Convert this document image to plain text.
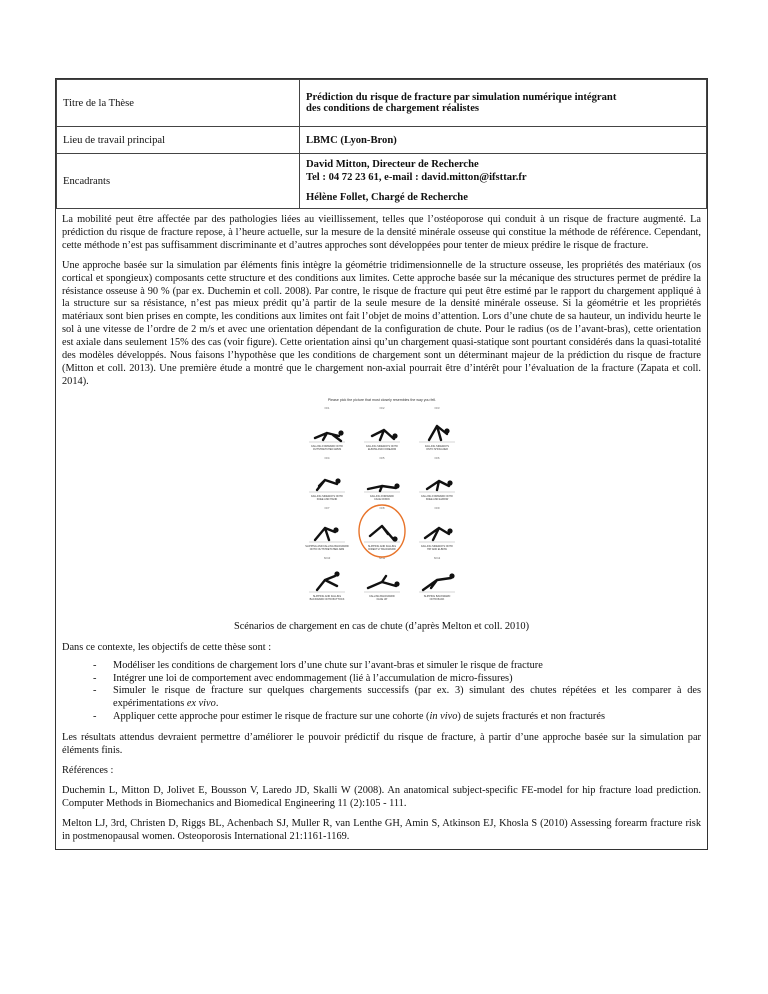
Titre de la Thèse	Prédiction du risque de fracture par simulation numérique intégrant
des conditions de chargement réalistes

Lieu de travail principal	LBMC (Lyon-Bron)
Encadrants	David Mitton, Directeur de Recherche
Tel : 04 72 23 61, e-mail : david.mitton@ifsttar.fr
Hélène Follet, Chargé de Recherche

La mobilité peut être affectée par des pathologies liées au vieillissement, telles que l’ostéoporose qui conduit à un risque de fracture augmenté. La prédiction du risque de fracture repose, à l’heure actuelle, sur la mesure de la densité minérale osseuse qui constitue la méthode de référence. Cependant, cette méthode n’est pas suffisamment discriminante et d’autres approches sont développées pour tenter de mieux prédire le risque de fracture.

Une approche basée sur la simulation par éléments finis intègre la géométrie tridimensionnelle de la structure osseuse, les propriétés des matériaux (os cortical et spongieux) composants cette structure et des conditions aux limites. Cette approche basée sur la mécanique des structures permet de prédire la résistance osseuse à 90 % (par ex. Duchemin et coll. 2008). Par contre, le risque de fracture qui peut être estimé par le rapport du chargement appliqué à la structure sur sa résistance, n’est pas mieux prédit qu’à partir de la seule mesure de la densité minérale osseuse. Si la géométrie et les propriétés matériaux sont bien prises en compte, les conditions aux limites ont fait l’objet de moins d’attention. Lors d’une chute de sa hauteur, un individu heurte le sol à une vitesse de l’ordre de 2 m/s et avec une orientation dépendant de la configuration de chute. Pour le radius (os de l’avant-bras), cette orientation est axiale dans seulement 15% des cas (voir figure). Cette orientation ainsi qu’un chargement quasi-statique sont pourtant considérés dans la quasi-totalité des modèles développés. Nous faisons l’hypothèse que les conditions de chargement sont un déterminant majeur de la prédiction du risque de fracture (Mitton et coll. 2013). Une première étude a montré que le chargement non-axial pourrait être d’intérêt pour l’évaluation de la fracture (Zapata et coll. 2014).

Please pick the picture that most closely resembles the way you fell.
N=1
FALLING FORWARD ONTO
OUTSTRETCHED ARMS
N=2
FALLING SIDEWAYS ONTO
ELBOW AND FOREARM
N=3
FALLING SIDEWAYS
ONTO SHOULDER
N=4
FALLING SIDEWAYS ONTO
KNEE AND HAND
N=5
FALLING FORWARD
FACE DOWN
N=6
FALLING FORWARD ONTO
KNEE AND ELBOW
N=7
SLIPPING AND FALLING BACKWARD
ONTO OUTSTRETCHED ARM
N=8
SLIPPING AND FALLING
DIRECTLY BACKWARD
N=9
FALLING SIDEWAYS ONTO
HIP AND ELBOW
N=10
SLIPPING AND FALLING
BACKWARD ONTO BUTTOCK
N=11
FALLING BACKWARD
FACE UP
N=12
SLIPPING BACKWARD
ONTO BACK
Scénarios de chargement en cas de chute (d’après Melton et coll. 2010)

Dans ce contexte, les objectifs de cette thèse sont :

- Modéliser les conditions de chargement lors d’une chute sur l’avant-bras et simuler le risque de fracture
- Intégrer une loi de comportement avec endommagement (lié à l’accumulation de micro-fissures)
- Simuler le risque de fracture sur quelques chargements successifs (par ex. 3) simulant des chutes répétées et les comparer à des expérimentations ex vivo.
- Appliquer cette approche pour estimer le risque de fracture sur une cohorte (in vivo) de sujets fracturés et non fracturés

Les résultats attendus devraient permettre d’améliorer le pouvoir prédictif du risque de fracture, à partir d’une approche basée sur la simulation par éléments finis.

Références :

Duchemin L, Mitton D, Jolivet E, Bousson V, Laredo JD, Skalli W (2008). An anatomical subject-specific FE-model for hip fracture load prediction. Computer Methods in Biomechanics and Biomedical Engineering 11 (2):105 - 111.

Melton LJ, 3rd, Christen D, Riggs BL, Achenbach SJ, Muller R, van Lenthe GH, Amin S, Atkinson EJ, Khosla S (2010) Assessing forearm fracture risk in postmenopausal women. Osteoporosis International 21:1161-1169.
